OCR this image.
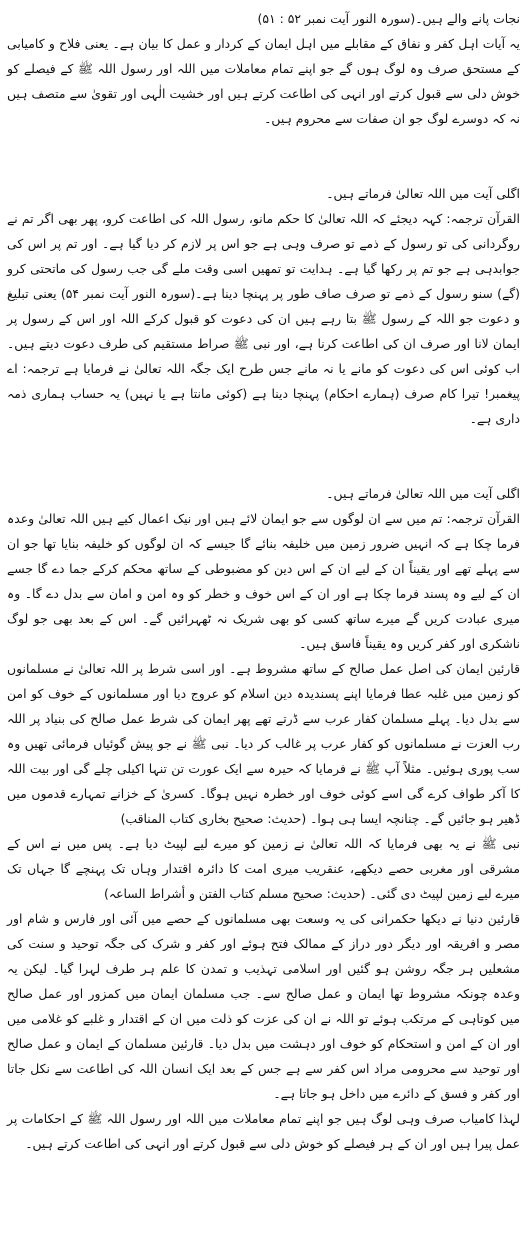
نجات پانے والے ہیں۔(سورہ النور آیت نمبر ۵۲ : ۵۱)

یہ آیات اہل کفر و نفاق کے مقابلے میں اہل ایمان کے کردار و عمل کا بیان ہے۔ یعنی فلاح و کامیابی کے مستحق صرف وہ لوگ ہوں گے جو اپنے تمام معاملات میں اللہ اور رسول اللہ ﷺ کے فیصلے کو خوش دلی سے قبول کرتے اور انہی کی اطاعت کرتے ہیں اور خشیت الٰہی اور تقویٰ سے متصف ہیں نہ کہ دوسرے لوگ جو ان صفات سے محروم ہیں۔

اگلی آیت میں اللہ تعالیٰ فرماتے ہیں۔

القرآن ترجمہ: کہہ دیجئے کہ اللہ تعالیٰ کا حکم مانو، رسول اللہ کی اطاعت کرو، پھر بھی اگر تم نے روگردانی کی تو رسول کے ذمے تو صرف وہی ہے جو اس پر لازم کر دیا گیا ہے۔ اور تم پر اس کی جوابدہی ہے جو تم پر رکھا گیا ہے۔ ہدایت تو تمھیں اسی وقت ملے گی جب رسول کی ماتحتی کرو (گے) سنو رسول کے ذمے تو صرف صاف طور پر پہنچا دینا ہے۔(سورہ النور آیت نمبر ۵۴) یعنی تبلیغ و دعوت جو اللہ کے رسول ﷺ بتا رہے ہیں ان کی دعوت کو قبول کرکے اللہ اور اس کے رسول پر ایمان لانا اور صرف ان کی اطاعت کرنا ہے، اور نبی ﷺ صراط مستقیم کی طرف دعوت دیتے ہیں۔ اب کوئی اس کی دعوت کو مانے یا نہ مانے جس طرح ایک جگہ اللہ تعالیٰ نے فرمایا ہے ترجمہ: اے پیغمبر! تیرا کام صرف (ہمارے احکام) پہنچا دینا ہے (کوئی مانتا ہے یا نہیں) یہ حساب ہماری ذمہ داری ہے۔

اگلی آیت میں اللہ تعالیٰ فرماتے ہیں۔

القرآن ترجمہ: تم میں سے ان لوگوں سے جو ایمان لائے ہیں اور نیک اعمال کیے ہیں اللہ تعالیٰ وعدہ فرما چکا ہے کہ انہیں ضرور زمین میں خلیفہ بنائے گا جیسے کہ ان لوگوں کو خلیفہ بنایا تھا جو ان سے پہلے تھے اور یقیناً ان کے لیے ان کے اس دین کو مضبوطی کے ساتھ محکم کرکے جما دے گا جسے ان کے لیے وہ پسند فرما چکا ہے اور ان کے اس خوف و خطر کو وہ امن و امان سے بدل دے گا۔ وہ میری عبادت کریں گے میرے ساتھ کسی کو بھی شریک نہ ٹھہرائیں گے۔ اس کے بعد بھی جو لوگ ناشکری اور کفر کریں وہ یقیناً فاسق ہیں۔

قارئین ایمان کی اصل عمل صالح کے ساتھ مشروط ہے۔ اور اسی شرط پر اللہ تعالیٰ نے مسلمانوں کو زمین میں غلبہ عطا فرمایا اپنے پسندیدہ دین اسلام کو عروج دیا اور مسلمانوں کے خوف کو امن سے بدل دیا۔ پہلے مسلمان کفار عرب سے ڈرتے تھے پھر ایمان کی شرط عمل صالح کی بنیاد پر اللہ رب العزت نے مسلمانوں کو کفار عرب پر غالب کر دیا۔ نبی ﷺ نے جو پیش گوئیاں فرمائی تھیں وہ سب پوری ہوئیں۔ مثلاً آپ ﷺ نے فرمایا کہ حیرہ سے ایک عورت تن تنہا اکیلی چلے گی اور بیت اللہ کا آکر طواف کرے گی اسے کوئی خوف اور خطرہ نہیں ہوگا۔ کسریٰ کے خزانے تمہارے قدموں میں ڈھیر ہو جائیں گے۔ چنانچہ ایسا ہی ہوا۔ (حدیث: صحیح بخاری کتاب المناقب)

نبی ﷺ نے یہ بھی فرمایا کہ اللہ تعالیٰ نے زمین کو میرے لیے لپیٹ دیا ہے۔ پس میں نے اس کے مشرقی اور مغربی حصے دیکھے، عنقریب میری امت کا دائرہ اقتدار وہاں تک پہنچے گا جہاں تک میرے لیے زمین لپیٹ دی گئی۔ (حدیث: صحیح مسلم کتاب الفتن و أشراط الساعہ)

قارئین دنیا نے دیکھا حکمرانی کی یہ وسعت بھی مسلمانوں کے حصے میں آئی اور فارس و شام اور مصر و افریقہ اور دیگر دور دراز کے ممالک فتح ہوئے اور کفر و شرک کی جگہ توحید و سنت کی مشعلیں ہر جگہ روشن ہو گئیں اور اسلامی تہذیب و تمدن کا علم ہر طرف لہرا گیا۔ لیکن یہ وعدہ چونکہ مشروط تھا ایمان و عمل صالح سے۔ جب مسلمان ایمان میں کمزور اور عمل صالح میں کوتاہی کے مرتکب ہوئے تو اللہ نے ان کی عزت کو ذلت میں ان کے اقتدار و غلبے کو غلامی میں اور ان کے امن و استحکام کو خوف اور دہشت میں بدل دیا۔ قارئین مسلمان کے ایمان و عمل صالح اور توحید سے محرومی مراد اس کفر سے ہے جس کے بعد ایک انسان اللہ کی اطاعت سے نکل جاتا اور کفر و فسق کے دائرے میں داخل ہو جاتا ہے۔

لہذا کامیاب صرف وہی لوگ ہیں جو اپنے تمام معاملات میں اللہ اور رسول اللہ ﷺ کے احکامات پر عمل پیرا ہیں اور ان کے ہر فیصلے کو خوش دلی سے قبول کرتے اور انہی کی اطاعت کرتے ہیں۔
